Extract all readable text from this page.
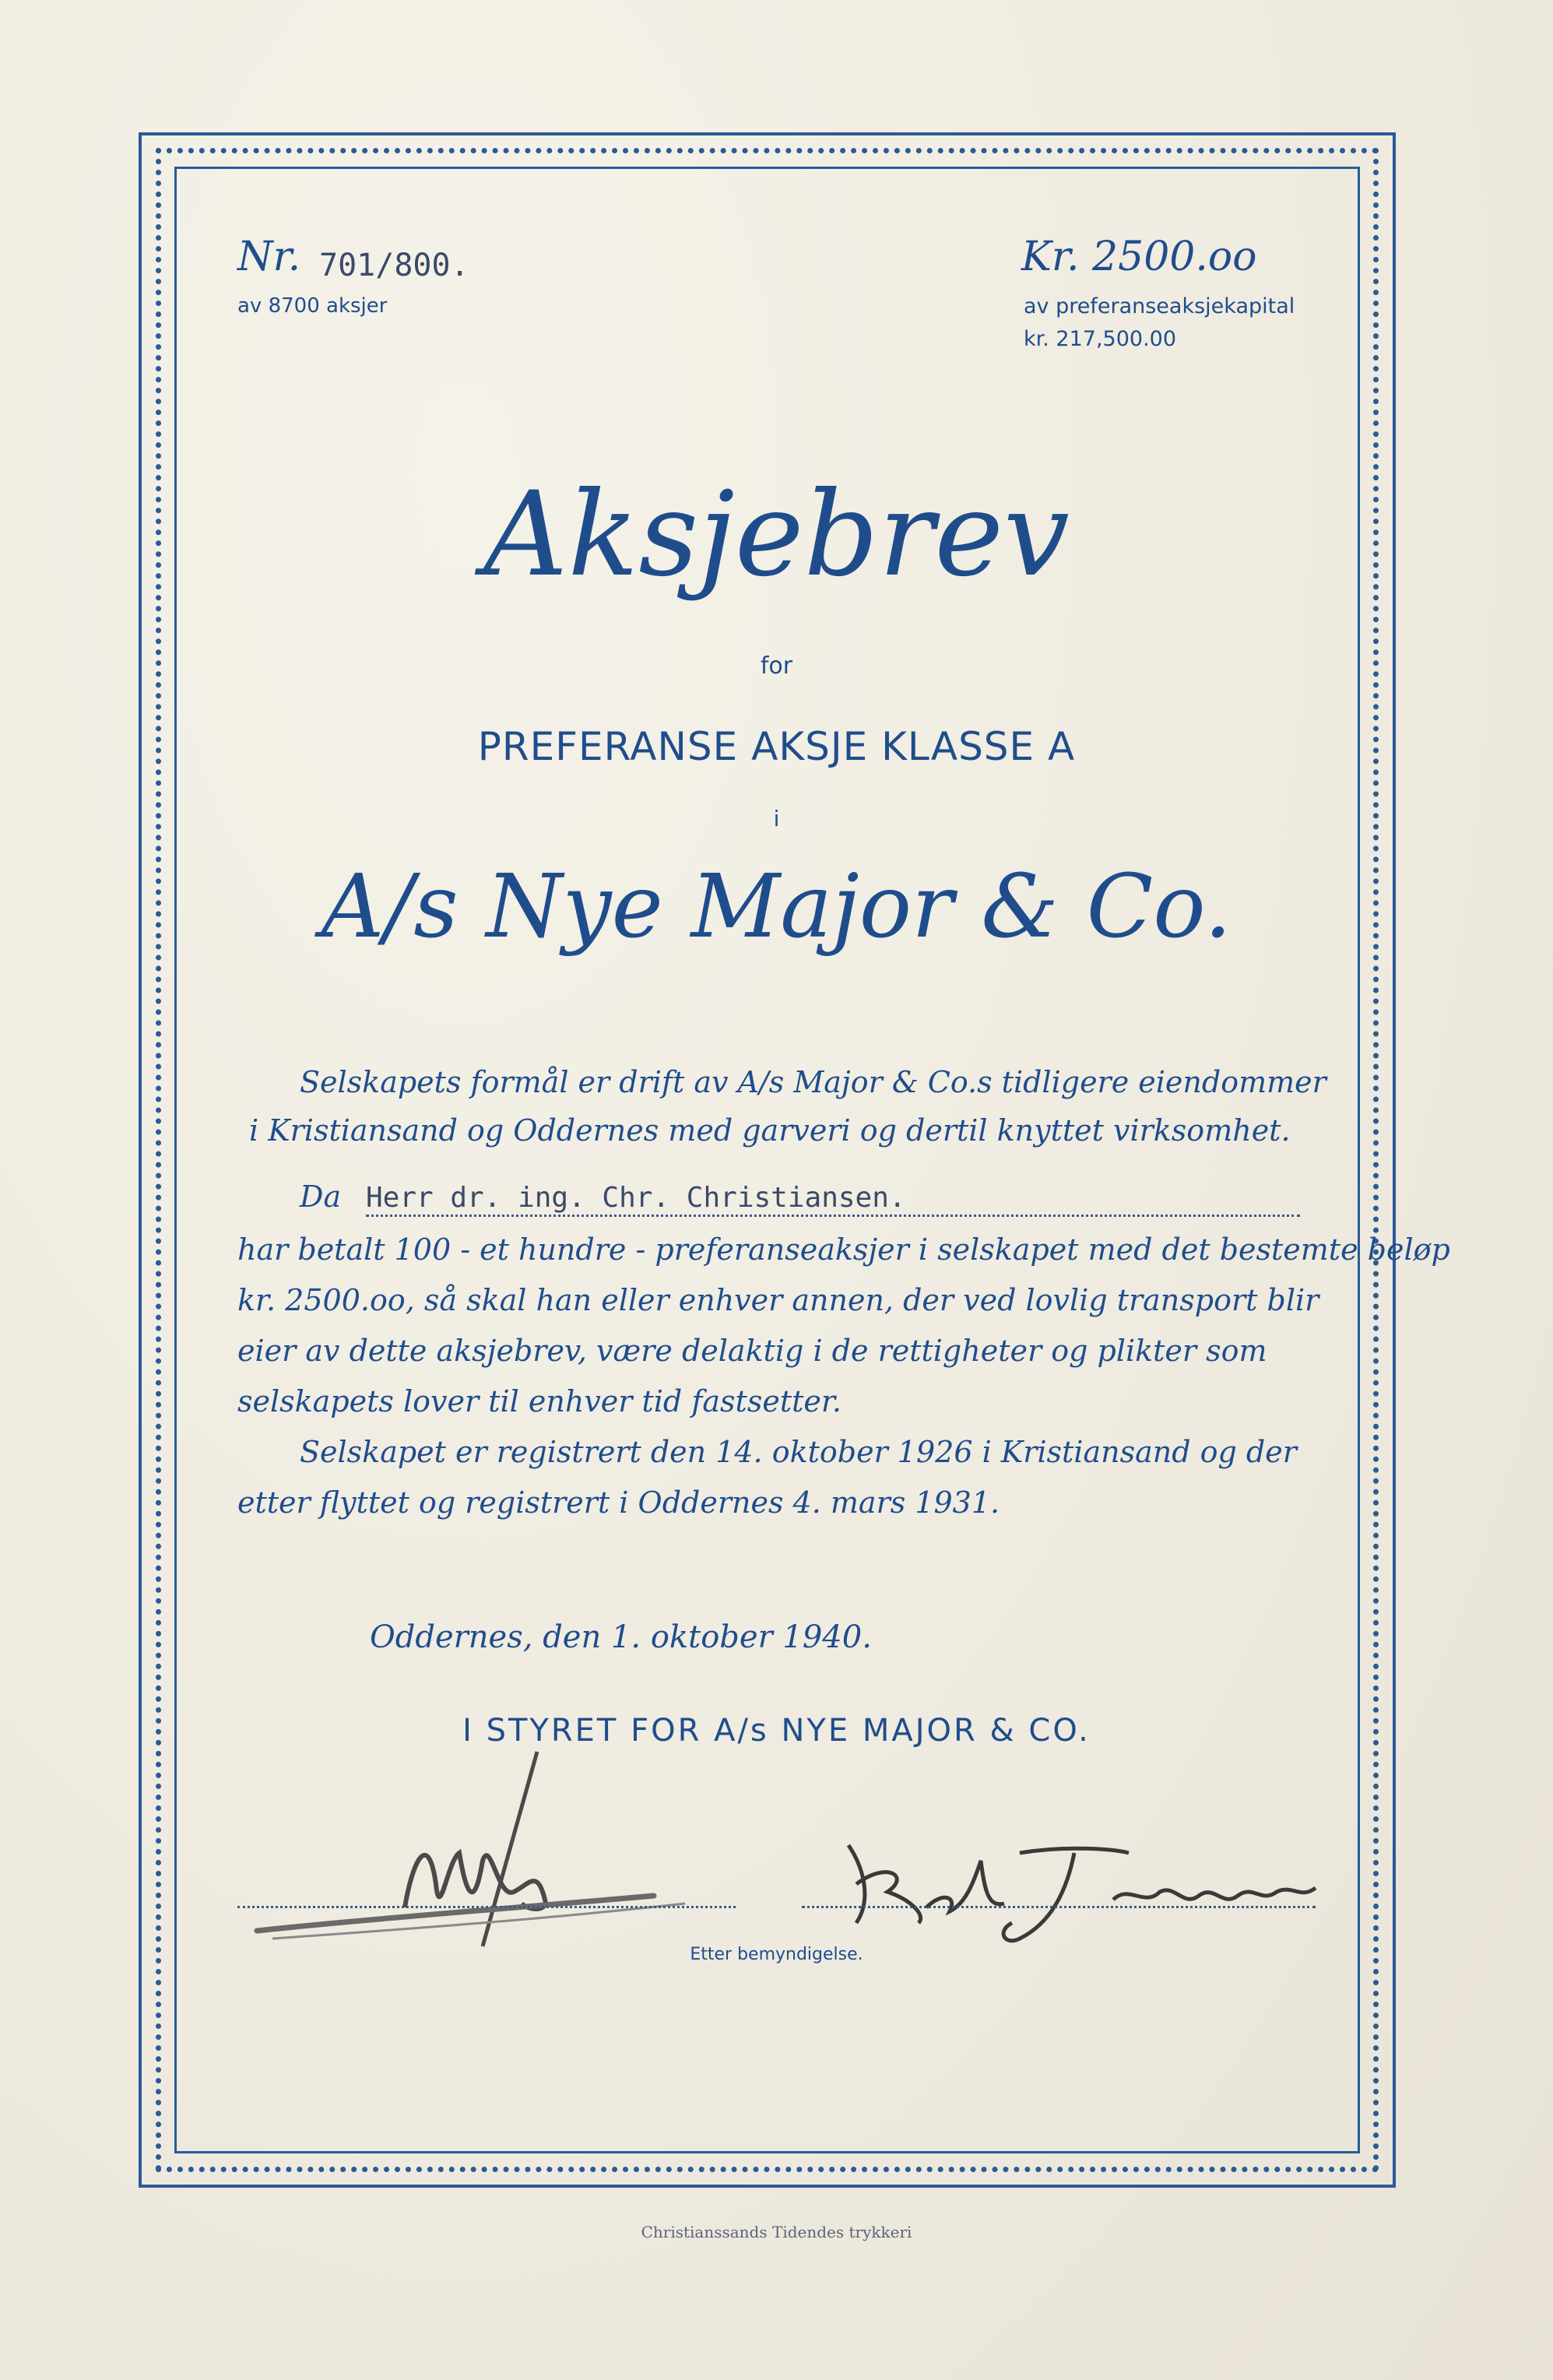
Nr. 701/800.
av 8700 aksjer
Kr. 2500.oo
av preferanseaksjekapital
kr. 217,500.00
Aksjebrev
for
PREFERANSE AKSJE KLASSE A
i
A/s Nye Major & Co.
Selskapets formål er drift av A/s Major & Co.s tidligere eiendommer
i Kristiansand og Oddernes med garveri og dertil knyttet virksomhet.
Da Herr dr. ing. Chr. Christiansen.
har betalt 100 - et hundre - preferanseaksjer i selskapet med det bestemte beløp
kr. 2500.oo, så skal han eller enhver annen, der ved lovlig transport blir
eier av dette aksjebrev, være delaktig i de rettigheter og plikter som
selskapets lover til enhver tid fastsetter.
Selskapet er registrert den 14. oktober 1926 i Kristiansand og der
etter flyttet og registrert i Oddernes 4. mars 1931.
Oddernes, den 1. oktober 1940.
I STYRET FOR A/s NYE MAJOR & CO.
Etter bemyndigelse.
Christianssands Tidendes trykkeri
